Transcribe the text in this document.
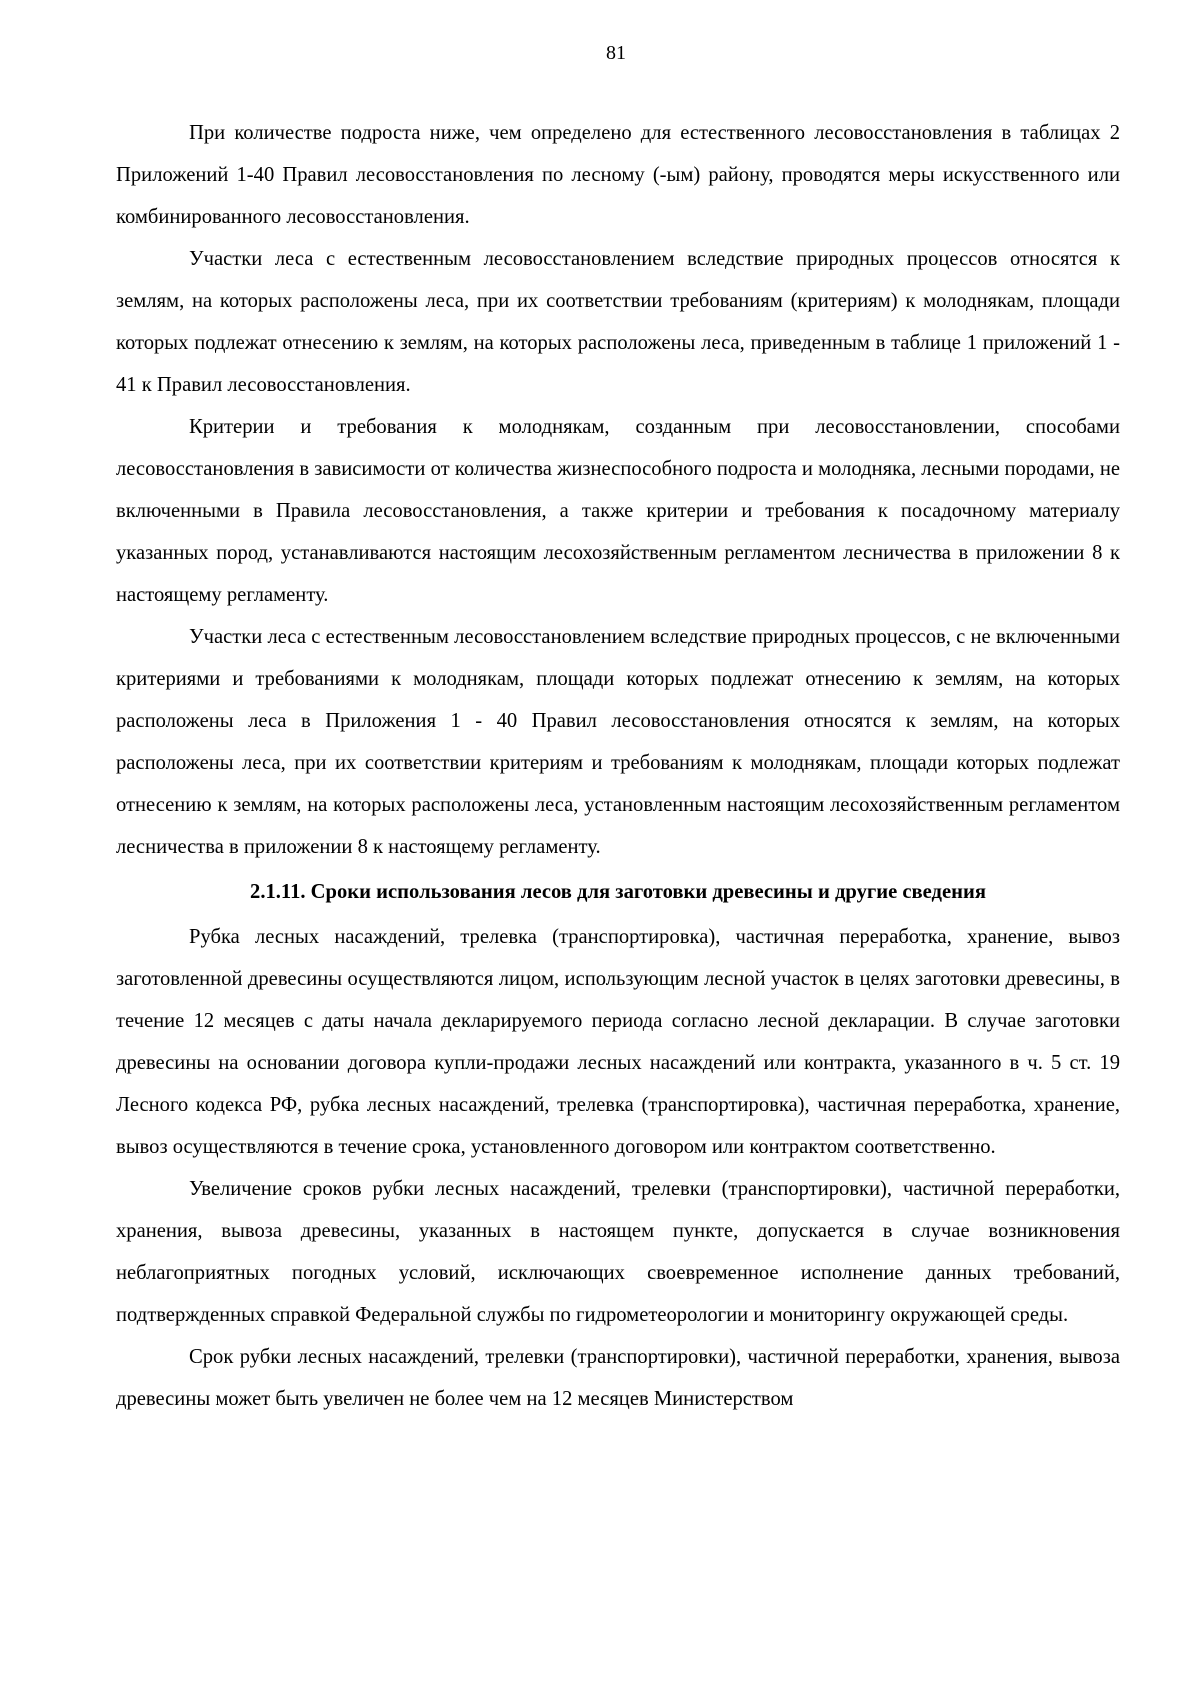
81

При количестве подроста ниже, чем определено для естественного лесовосстановления в таблицах 2 Приложений 1-40 Правил лесовосстановления по лесному (-ым) району, проводятся меры искусственного или комбинированного лесовосстановления.

Участки леса с естественным лесовосстановлением вследствие природных процессов относятся к землям, на которых расположены леса, при их соответствии требованиям (критериям) к молоднякам, площади которых подлежат отнесению к землям, на которых расположены леса, приведенным в таблице 1 приложений 1 - 41 к Правил лесовосстановления.

Критерии и требования к молоднякам, созданным при лесовосстановлении, способами лесовосстановления в зависимости от количества жизнеспособного подроста и молодняка, лесными породами, не включенными в Правила лесовосстановления, а также критерии и требования к посадочному материалу указанных пород, устанавливаются настоящим лесохозяйственным регламентом лесничества в приложении 8 к настоящему регламенту.

Участки леса с естественным лесовосстановлением вследствие природных процессов, с не включенными критериями и требованиями к молоднякам, площади которых подлежат отнесению к землям, на которых расположены леса в Приложения 1 - 40 Правил лесовосстановления относятся к землям, на которых расположены леса, при их соответствии критериям и требованиям к молоднякам, площади которых подлежат отнесению к землям, на которых расположены леса, установленным настоящим лесохозяйственным регламентом лесничества в приложении 8 к настоящему регламенту.

2.1.11. Сроки использования лесов для заготовки древесины и другие сведения

Рубка лесных насаждений, трелевка (транспортировка), частичная переработка, хранение, вывоз заготовленной древесины осуществляются лицом, использующим лесной участок в целях заготовки древесины, в течение 12 месяцев с даты начала декларируемого периода согласно лесной декларации. В случае заготовки древесины на основании договора купли-продажи лесных насаждений или контракта, указанного в ч. 5 ст. 19 Лесного кодекса РФ, рубка лесных насаждений, трелевка (транспортировка), частичная переработка, хранение, вывоз осуществляются в течение срока, установленного договором или контрактом соответственно.

Увеличение сроков рубки лесных насаждений, трелевки (транспортировки), частичной переработки, хранения, вывоза древесины, указанных в настоящем пункте, допускается в случае возникновения неблагоприятных погодных условий, исключающих своевременное исполнение данных требований, подтвержденных справкой Федеральной службы по гидрометеорологии и мониторингу окружающей среды.

Срок рубки лесных насаждений, трелевки (транспортировки), частичной переработки, хранения, вывоза древесины может быть увеличен не более чем на 12 месяцев Министерством
